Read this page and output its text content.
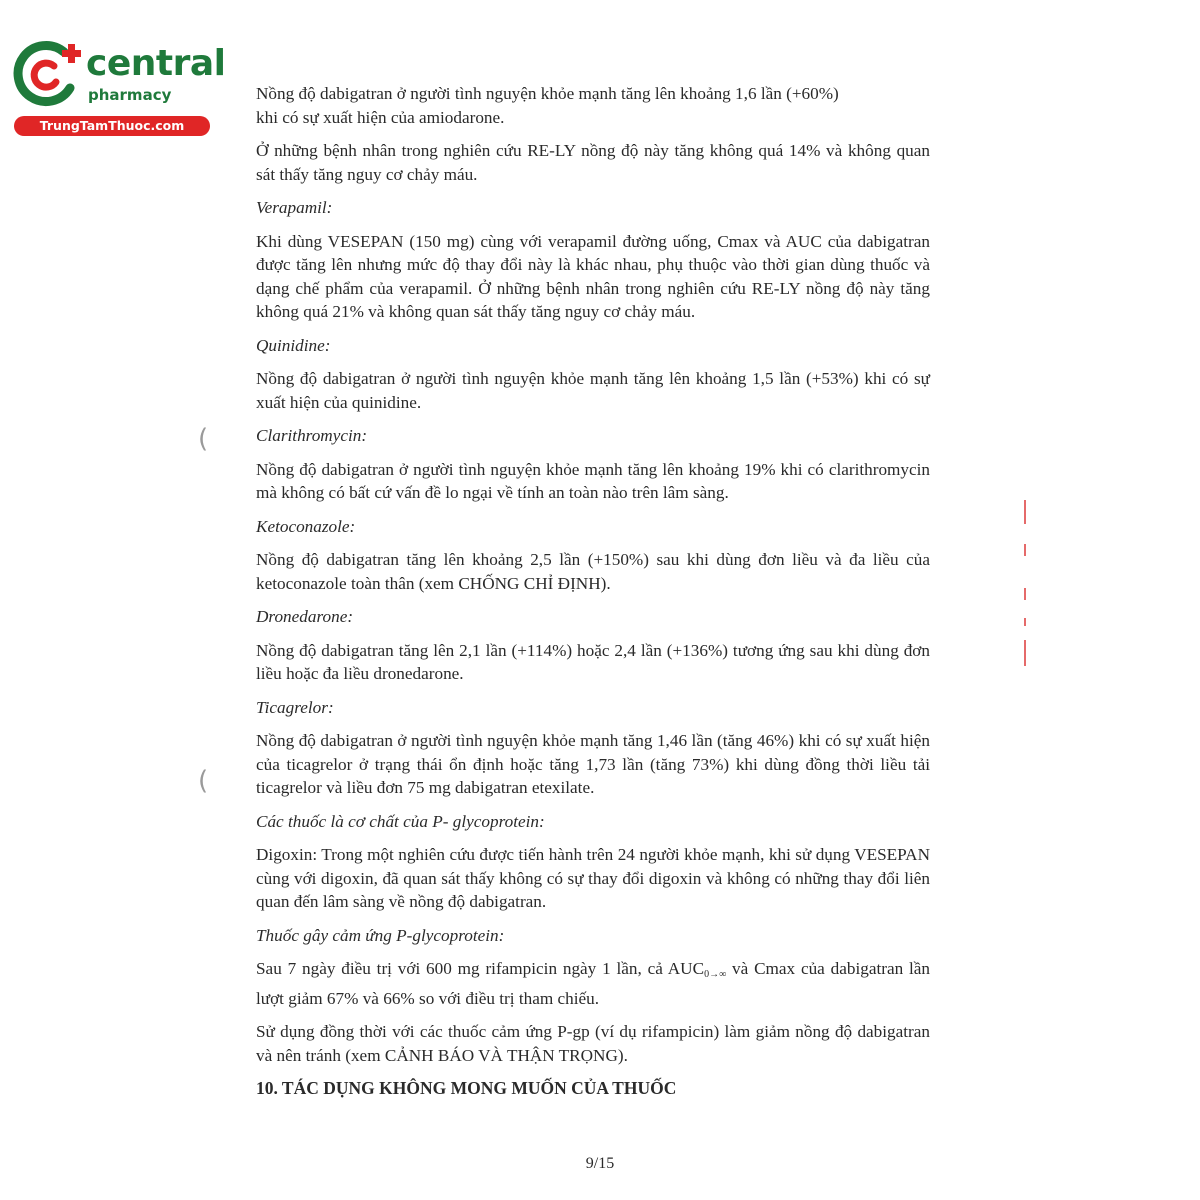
central
pharmacy
TrungTamThuoc.com
(
(

Nồng độ dabigatran ở người tình nguyện khỏe mạnh tăng lên khoảng 1,6 lần (+60%)
khi có sự xuất hiện của amiodarone.

Ở những bệnh nhân trong nghiên cứu RE-LY nồng độ này tăng không quá 14% và không quan sát thấy tăng nguy cơ chảy máu.

Verapamil:

Khi dùng VESEPAN (150 mg) cùng với verapamil đường uống, Cmax và AUC của dabigatran được tăng lên nhưng mức độ thay đổi này là khác nhau, phụ thuộc vào thời gian dùng thuốc và dạng chế phẩm của verapamil. Ở những bệnh nhân trong nghiên cứu RE-LY nồng độ này tăng không quá 21% và không quan sát thấy tăng nguy cơ chảy máu.

Quinidine:

Nồng độ dabigatran ở người tình nguyện khỏe mạnh tăng lên khoảng 1,5 lần (+53%) khi có sự xuất hiện của quinidine.

Clarithromycin:

Nồng độ dabigatran ở người tình nguyện khỏe mạnh tăng lên khoảng 19% khi có clarithromycin mà không có bất cứ vấn đề lo ngại về tính an toàn nào trên lâm sàng.

Ketoconazole:

Nồng độ dabigatran tăng lên khoảng 2,5 lần (+150%) sau khi dùng đơn liều và đa liều của ketoconazole toàn thân (xem CHỐNG CHỈ ĐỊNH).

Dronedarone:

Nồng độ dabigatran tăng lên 2,1 lần (+114%) hoặc 2,4 lần (+136%) tương ứng sau khi dùng đơn liều hoặc đa liều dronedarone.

Ticagrelor:

Nồng độ dabigatran ở người tình nguyện khỏe mạnh tăng 1,46 lần (tăng 46%) khi có sự xuất hiện của ticagrelor ở trạng thái ổn định hoặc tăng 1,73 lần (tăng 73%) khi dùng đồng thời liều tải ticagrelor và liều đơn 75 mg dabigatran etexilate.

Các thuốc là cơ chất của P- glycoprotein:

Digoxin: Trong một nghiên cứu được tiến hành trên 24 người khỏe mạnh, khi sử dụng VESEPAN cùng với digoxin, đã quan sát thấy không có sự thay đổi digoxin và không có những thay đổi liên quan đến lâm sàng về nồng độ dabigatran.

Thuốc gây cảm ứng P-glycoprotein:

Sau 7 ngày điều trị với 600 mg rifampicin ngày 1 lần, cả $AUC_{0\to\infty}$ và Cmax của dabigatran lần lượt giảm 67% và 66% so với điều trị tham chiếu.

Sử dụng đồng thời với các thuốc cảm ứng P-gp (ví dụ rifampicin) làm giảm nồng độ dabigatran và nên tránh (xem CẢNH BÁO VÀ THẬN TRỌNG).

10. TÁC DỤNG KHÔNG MONG MUỐN CỦA THUỐC

9/15
